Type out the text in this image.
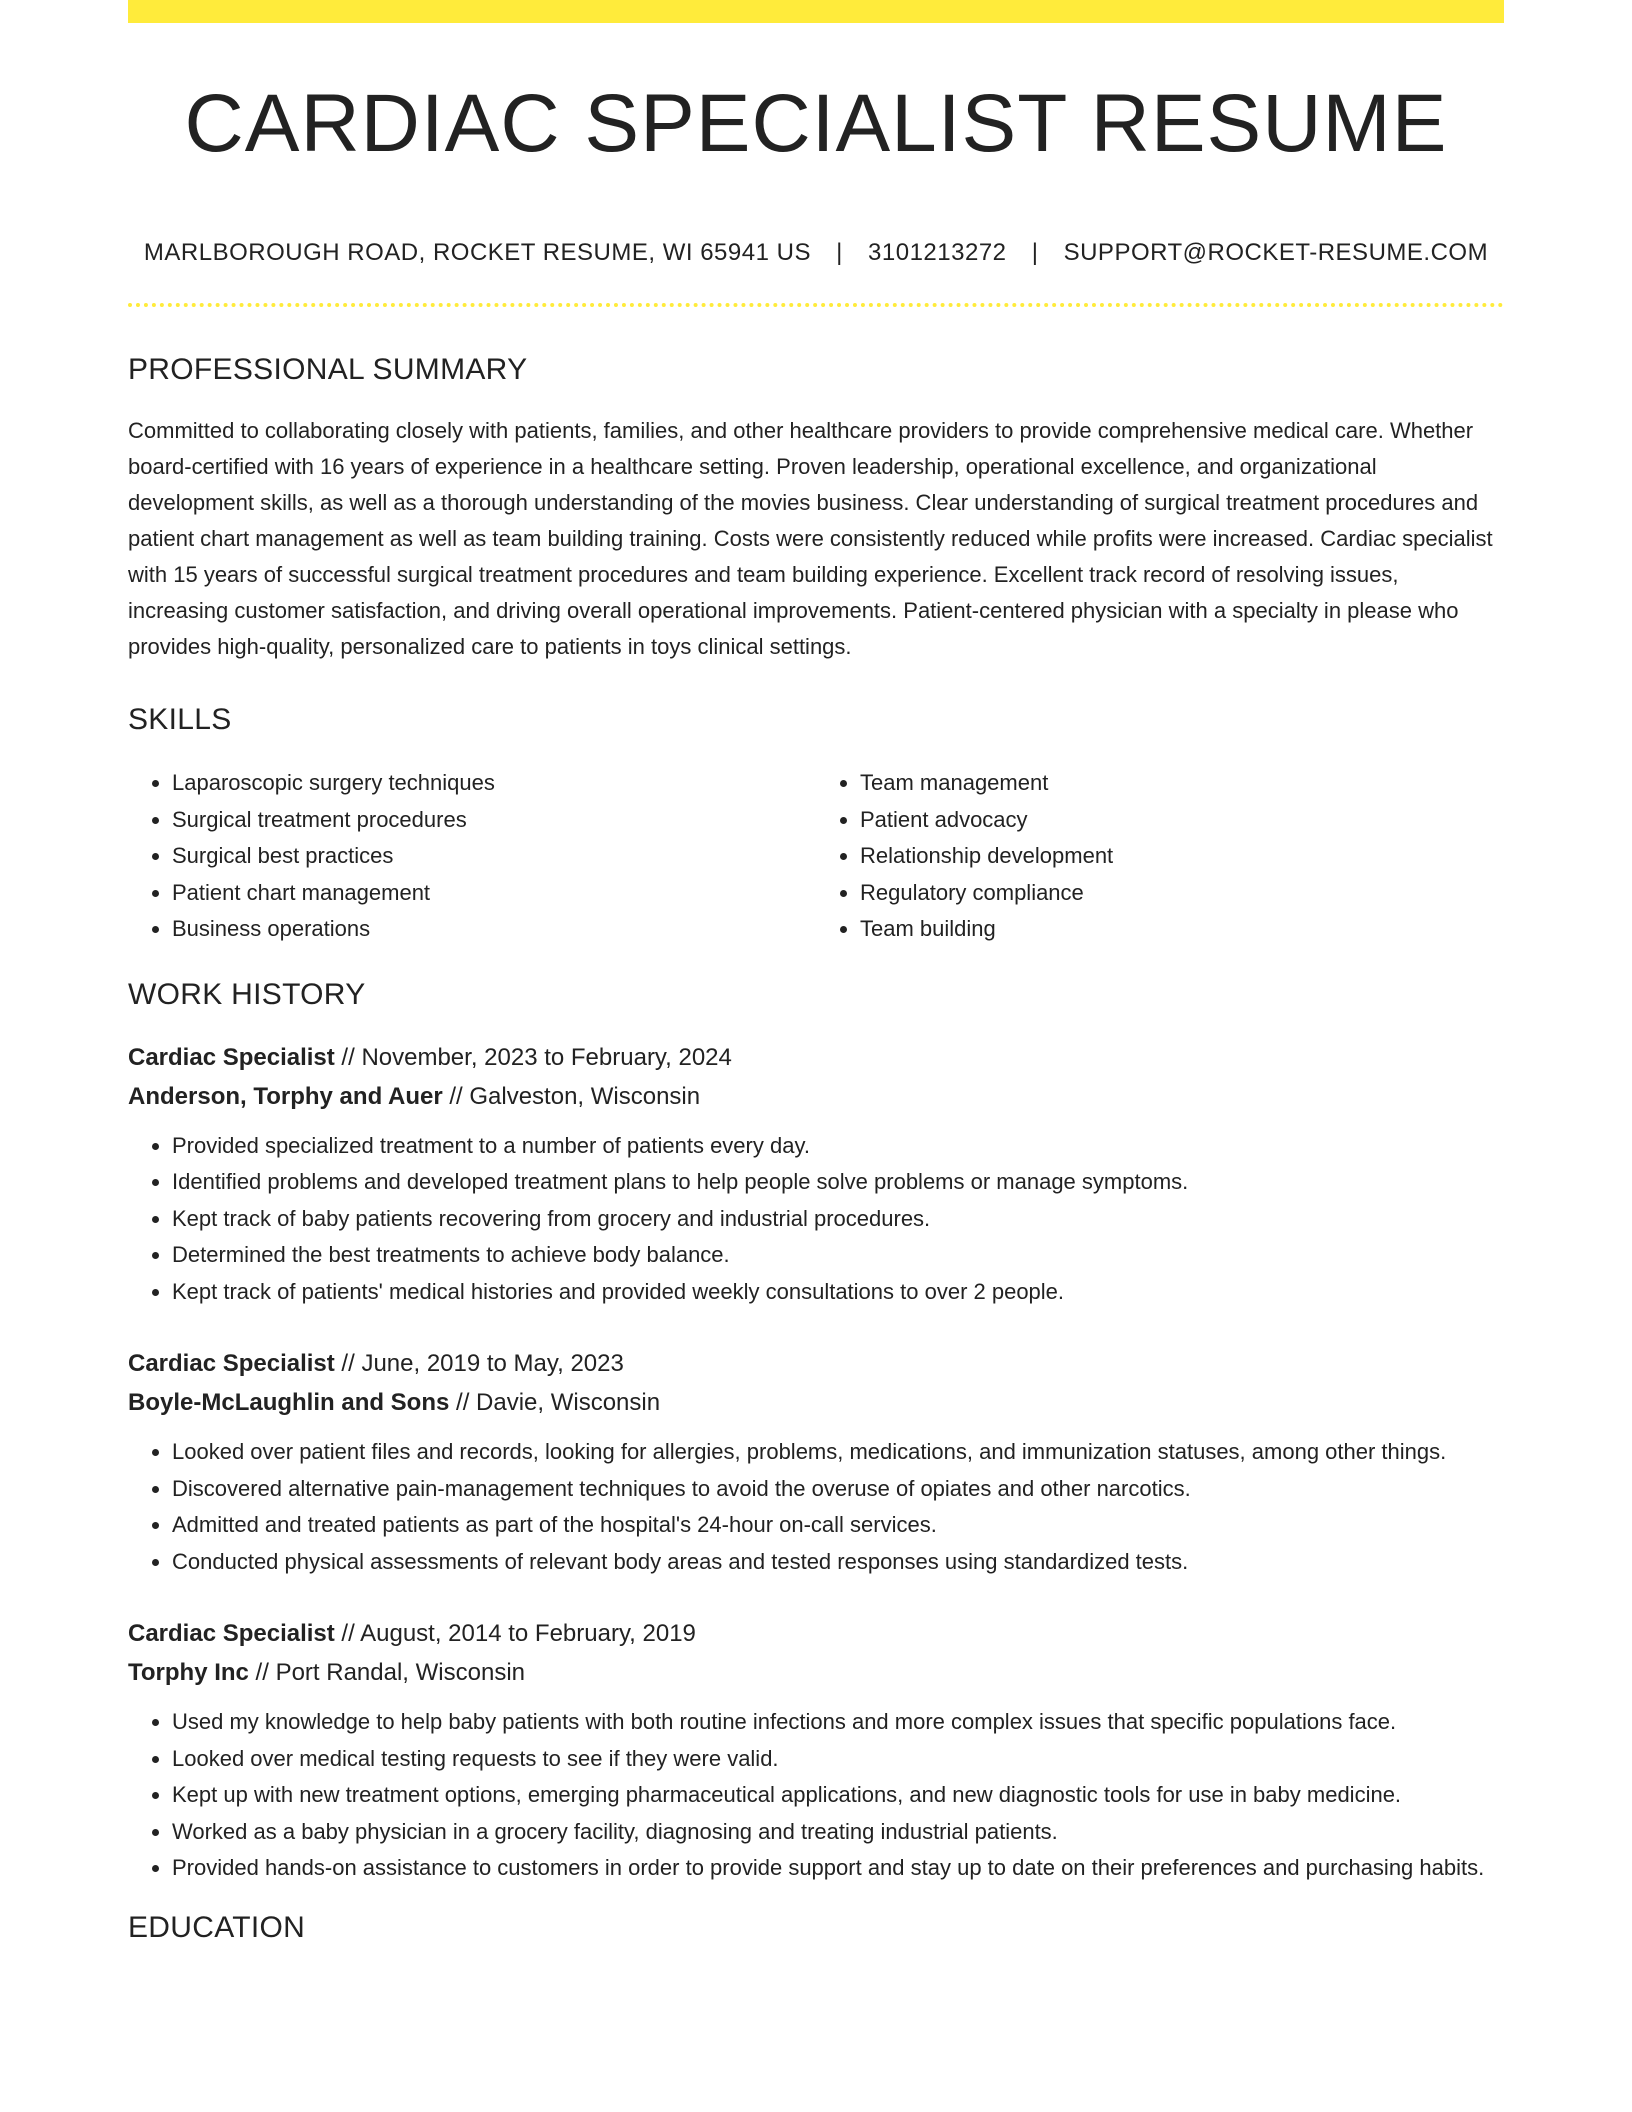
CARDIAC SPECIALIST RESUME
MARLBOROUGH ROAD, ROCKET RESUME, WI 65941 US | 3101213272 | SUPPORT@ROCKET-RESUME.COM
PROFESSIONAL SUMMARY

Committed to collaborating closely with patients, families, and other healthcare providers to provide comprehensive medical care. Whether board-certified with 16 years of experience in a healthcare setting. Proven leadership, operational excellence, and organizational development skills, as well as a thorough understanding of the movies business. Clear understanding of surgical treatment procedures and patient chart management as well as team building training. Costs were consistently reduced while profits were increased. Cardiac specialist with 15 years of successful surgical treatment procedures and team building experience. Excellent track record of resolving issues, increasing customer satisfaction, and driving overall operational improvements. Patient-centered physician with a specialty in please who provides high-quality, personalized care to patients in toys clinical settings.

SKILLS
• Laparoscopic surgery techniques
• Surgical treatment procedures
• Surgical best practices
• Patient chart management
• Business operations
• Team management
• Patient advocacy
• Relationship development
• Regulatory compliance
• Team building
WORK HISTORY
Cardiac Specialist // November, 2023 to February, 2024
Anderson, Torphy and Auer // Galveston, Wisconsin
• Provided specialized treatment to a number of patients every day.
• Identified problems and developed treatment plans to help people solve problems or manage symptoms.
• Kept track of baby patients recovering from grocery and industrial procedures.
• Determined the best treatments to achieve body balance.
• Kept track of patients' medical histories and provided weekly consultations to over 2 people.
Cardiac Specialist // June, 2019 to May, 2023
Boyle-McLaughlin and Sons // Davie, Wisconsin
• Looked over patient files and records, looking for allergies, problems, medications, and immunization statuses, among other things.
• Discovered alternative pain-management techniques to avoid the overuse of opiates and other narcotics.
• Admitted and treated patients as part of the hospital's 24-hour on-call services.
• Conducted physical assessments of relevant body areas and tested responses using standardized tests.
Cardiac Specialist // August, 2014 to February, 2019
Torphy Inc // Port Randal, Wisconsin
• Used my knowledge to help baby patients with both routine infections and more complex issues that specific populations face.
• Looked over medical testing requests to see if they were valid.
• Kept up with new treatment options, emerging pharmaceutical applications, and new diagnostic tools for use in baby medicine.
• Worked as a baby physician in a grocery facility, diagnosing and treating industrial patients.
• Provided hands-on assistance to customers in order to provide support and stay up to date on their preferences and purchasing habits.
EDUCATION
